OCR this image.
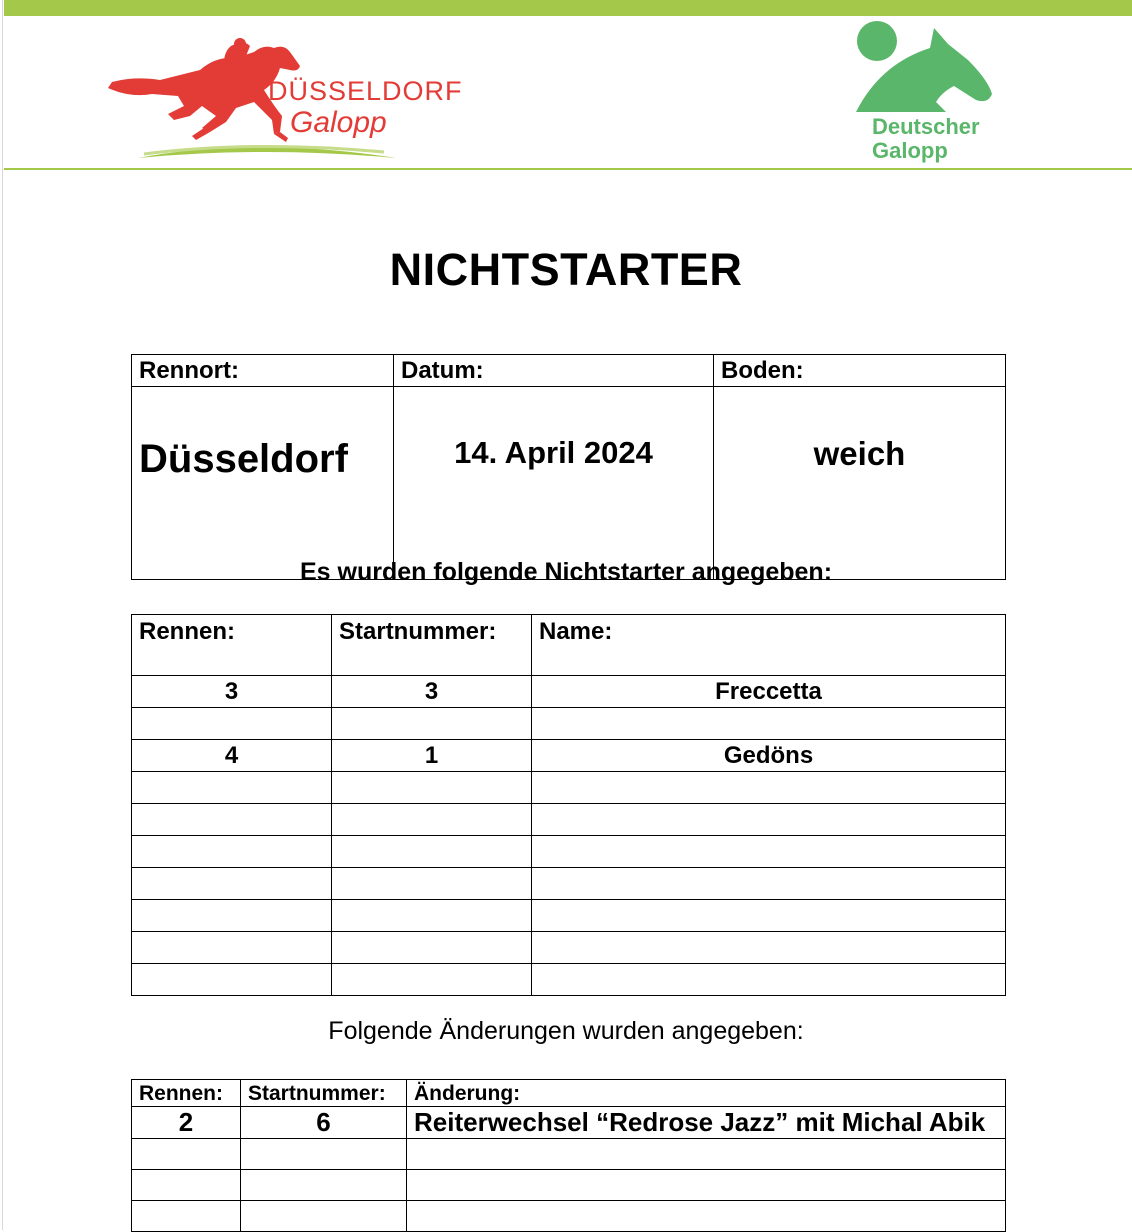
DÜSSELDORF
Galopp	Deutscher
Galopp
NICHTSTARTER
Rennort:	Datum:	Boden:
Düsseldorf	14. April 2024	weich
Es wurden folgende Nichtstarter angegeben:
Rennen:	Startnummer:	Name:
3	3	Freccetta

4	1	Gedöns

Folgende Änderungen wurden angegeben:
Rennen:	Startnummer:	Änderung:
2	6	Reiterwechsel “Redrose Jazz” mit Michal Abik
